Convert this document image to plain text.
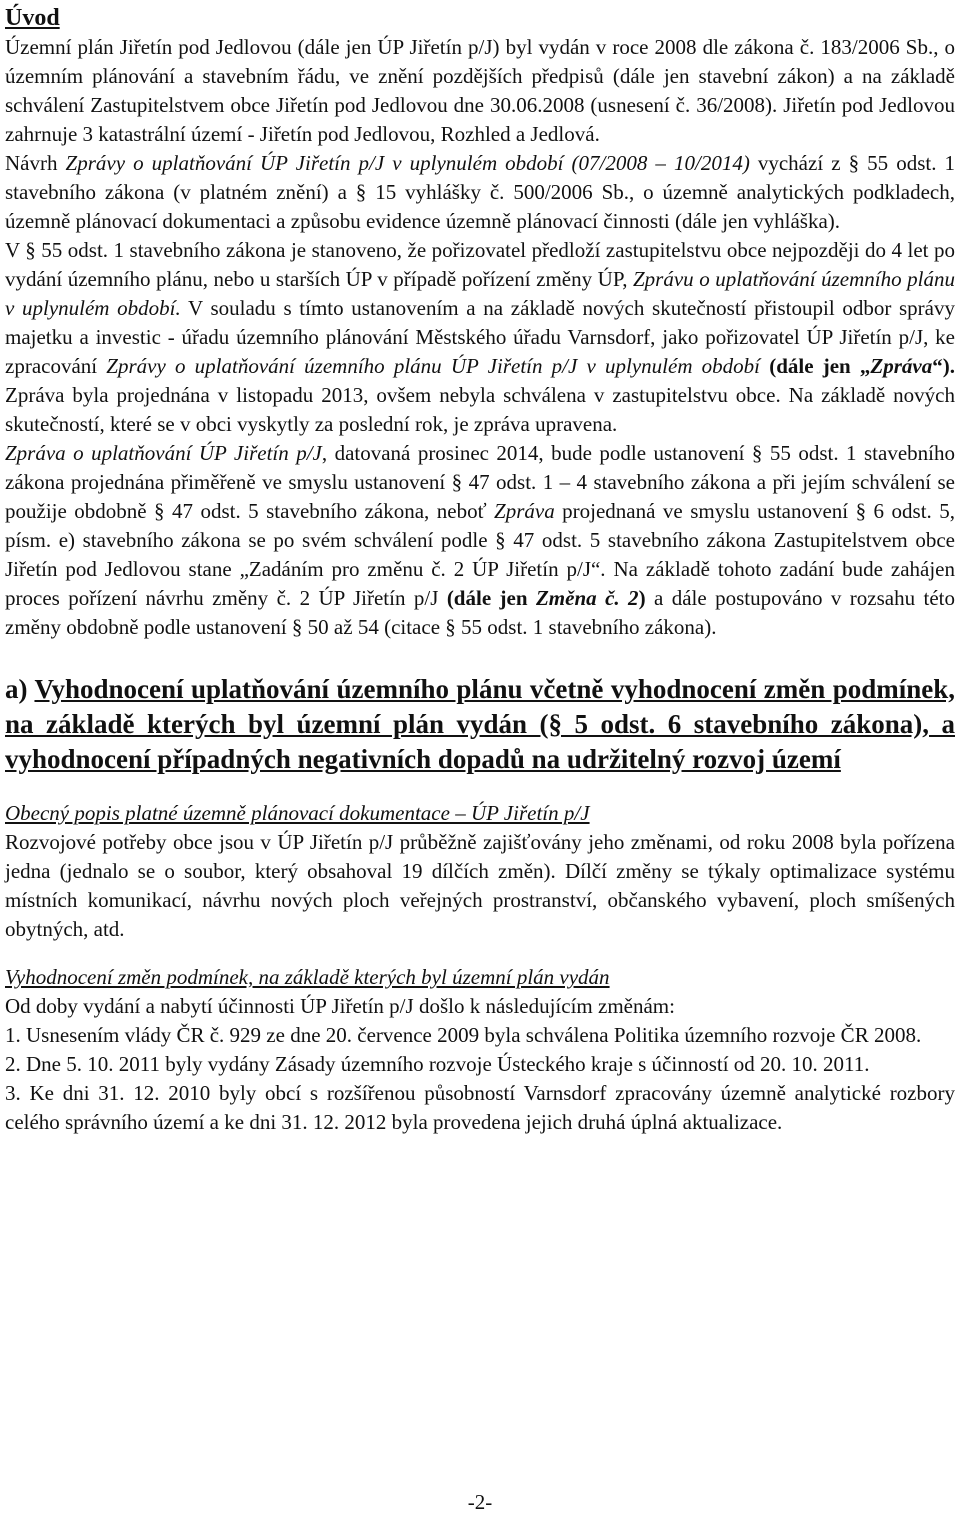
Úvod

Územní plán Jiřetín pod Jedlovou (dále jen ÚP Jiřetín p/J) byl vydán v roce 2008 dle zákona č. 183/2006 Sb., o územním plánování a stavebním řádu, ve znění pozdějších předpisů (dále jen stavební zákon) a na základě schválení Zastupitelstvem obce Jiřetín pod Jedlovou dne 30.06.2008 (usnesení č. 36/2008). Jiřetín pod Jedlovou zahrnuje 3 katastrální území - Jiřetín pod Jedlovou, Rozhled a Jedlová.

Návrh Zprávy o uplatňování ÚP Jiřetín p/J v uplynulém období (07/2008 – 10/2014) vychází z § 55 odst. 1 stavebního zákona (v platném znění) a § 15 vyhlášky č. 500/2006 Sb., o územně analytických podkladech, územně plánovací dokumentaci a způsobu evidence územně plánovací činnosti (dále jen vyhláška).

V § 55 odst. 1 stavebního zákona je stanoveno, že pořizovatel předloží zastupitelstvu obce nejpozději do 4 let po vydání územního plánu, nebo u starších ÚP v případě pořízení změny ÚP, Zprávu o uplatňování územního plánu v uplynulém období. V souladu s tímto ustanovením a na základě nových skutečností přistoupil odbor správy majetku a investic - úřadu územního plánování Městského úřadu Varnsdorf, jako pořizovatel ÚP Jiřetín p/J, ke zpracování Zprávy o uplatňování územního plánu ÚP Jiřetín p/J v uplynulém období (dále jen „Zpráva“). Zpráva byla projednána v listopadu 2013, ovšem nebyla schválena v zastupitelstvu obce. Na základě nových skutečností, které se v obci vyskytly za poslední rok, je zpráva upravena.

Zpráva o uplatňování ÚP Jiřetín p/J, datovaná prosinec 2014, bude podle ustanovení § 55 odst. 1 stavebního zákona projednána přiměřeně ve smyslu ustanovení § 47 odst. 1 – 4 stavebního zákona a při jejím schválení se použije obdobně § 47 odst. 5 stavebního zákona, neboť Zpráva projednaná ve smyslu ustanovení § 6 odst. 5, písm. e) stavebního zákona se po svém schválení podle § 47 odst. 5 stavebního zákona Zastupitelstvem obce Jiřetín pod Jedlovou stane „Zadáním pro změnu č. 2 ÚP Jiřetín p/J“. Na základě tohoto zadání bude zahájen proces pořízení návrhu změny č. 2 ÚP Jiřetín p/J (dále jen Změna č. 2) a dále postupováno v rozsahu této změny obdobně podle ustanovení § 50 až 54 (citace § 55 odst. 1 stavebního zákona).

a) Vyhodnocení uplatňování územního plánu včetně vyhodnocení změn podmínek, na základě kterých byl územní plán vydán (§ 5 odst. 6 stavebního zákona), a vyhodnocení případných negativních dopadů na udržitelný rozvoj území

Obecný popis platné územně plánovací dokumentace – ÚP Jiřetín p/J

Rozvojové potřeby obce jsou v ÚP Jiřetín p/J průběžně zajišťovány jeho změnami, od roku 2008 byla pořízena jedna (jednalo se o soubor, který obsahoval 19 dílčích změn). Dílčí změny se týkaly optimalizace systému místních komunikací, návrhu nových ploch veřejných prostranství, občanského vybavení, ploch smíšených obytných, atd.

Vyhodnocení změn podmínek, na základě kterých byl územní plán vydán

Od doby vydání a nabytí účinnosti ÚP Jiřetín p/J došlo k následujícím změnám:

1. Usnesením vlády ČR č. 929 ze dne 20. července 2009 byla schválena Politika územního rozvoje ČR 2008.

2. Dne 5. 10. 2011 byly vydány Zásady územního rozvoje Ústeckého kraje s účinností od 20. 10. 2011.

3. Ke dni 31. 12. 2010 byly obcí s rozšířenou působností Varnsdorf zpracovány územně analytické rozbory celého správního území a ke dni 31. 12. 2012 byla provedena jejich druhá úplná aktualizace.

-2-
